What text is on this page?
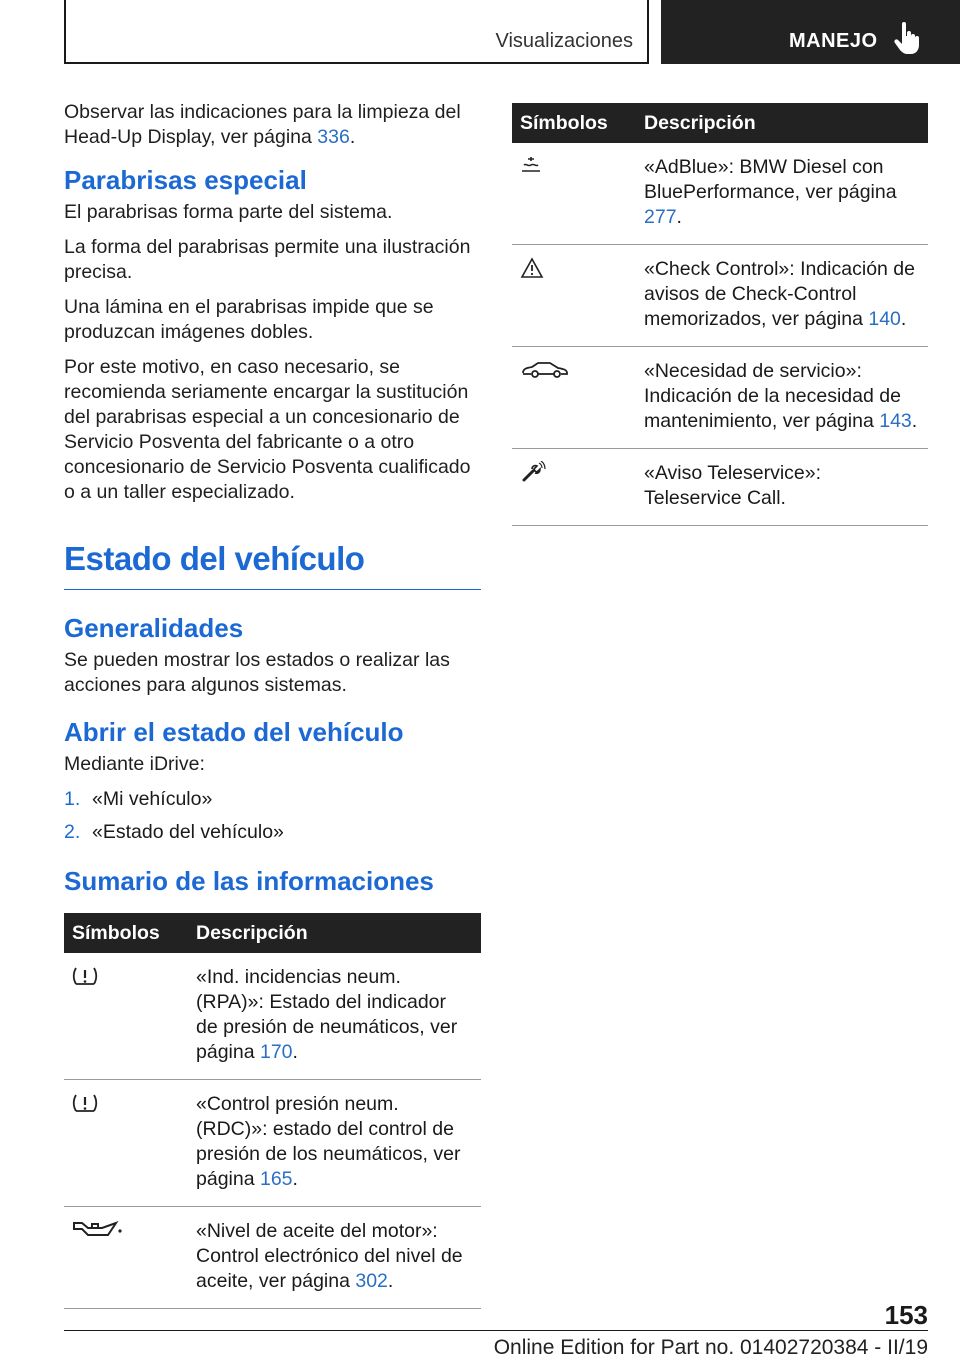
Visualizaciones	MANEJO

Observar las indicaciones para la limpieza del Head-Up Display, ver página 336.

Parabrisas especial

El parabrisas forma parte del sistema.

La forma del parabrisas permite una ilustración precisa.

Una lámina en el parabrisas impide que se produzcan imágenes dobles.

Por este motivo, en caso necesario, se recomienda seriamente encargar la sustitución del parabrisas especial a un concesionario de Servicio Posventa del fabricante o a otro concesionario de Servicio Posventa cualificado o a un taller especializado.

Estado del vehículo
Generalidades

Se pueden mostrar los estados o realizar las acciones para algunos sistemas.

Abrir el estado del vehículo

Mediante iDrive:

1. «Mi vehículo»
2. «Estado del vehículo»
Sumario de las informaciones
Símbolos	Descripción
	«Ind. incidencias neum. (RPA)»: Estado del indicador de presión de neumáticos, ver página 170.
	«Control presión neum. (RDC)»: estado del control de presión de los neumáticos, ver página 165.
	«Nivel de aceite del motor»: Control electrónico del nivel de aceite, ver página 302.
Símbolos	Descripción
	«AdBlue»: BMW Diesel con BluePerformance, ver página 277.
	«Check Control»: Indicación de avisos de Check-Control memorizados, ver página 140.
	«Necesidad de servicio»: Indicación de la necesidad de mantenimiento, ver página 143.
	«Aviso Teleservice»: Teleservice Call.
153
Online Edition for Part no. 01402720384 - II/19
